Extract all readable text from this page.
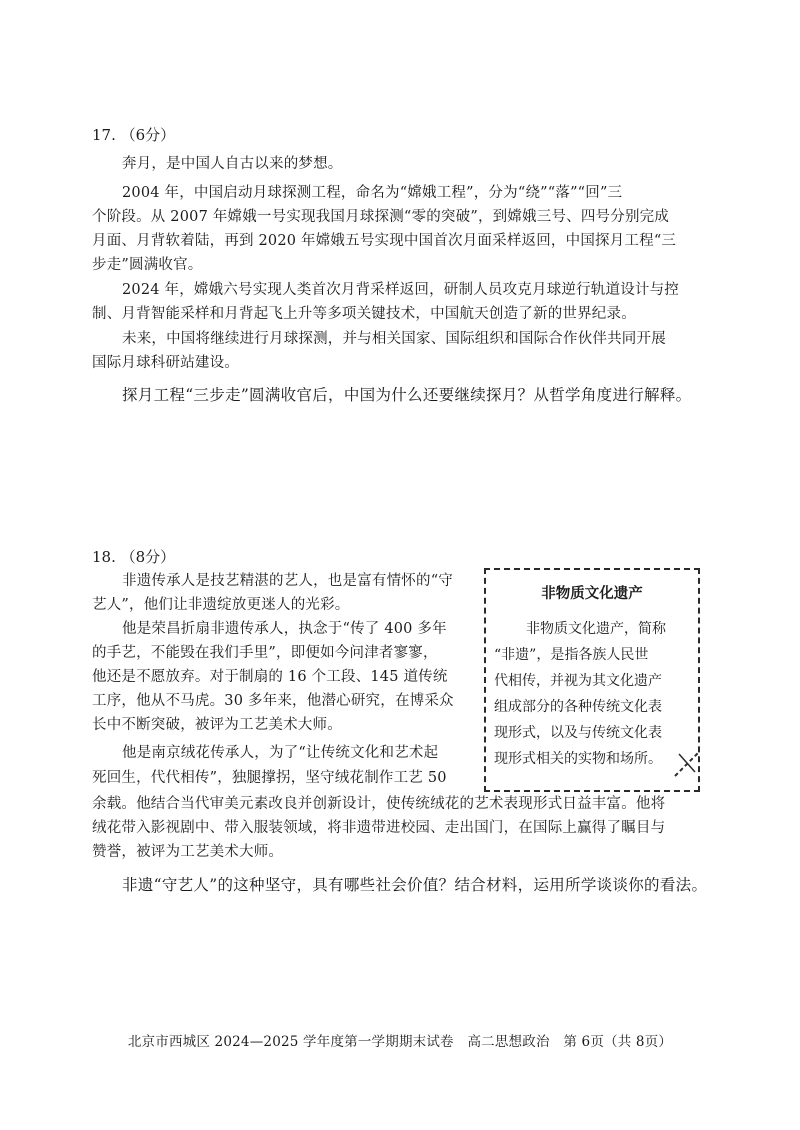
17. （6分）
奔月，是中国人自古以来的梦想。
2004 年，中国启动月球探测工程，命名为“嫦娥工程”，分为“绕”“落”“回”三
个阶段。从 2007 年嫦娥一号实现我国月球探测“零的突破”，到嫦娥三号、四号分别完成
月面、月背软着陆，再到 2020 年嫦娥五号实现中国首次月面采样返回，中国探月工程“三
步走”圆满收官。
2024 年，嫦娥六号实现人类首次月背采样返回，研制人员攻克月球逆行轨道设计与控
制、月背智能采样和月背起飞上升等多项关键技术，中国航天创造了新的世界纪录。
未来，中国将继续进行月球探测，并与相关国家、国际组织和国际合作伙伴共同开展
国际月球科研站建设。
探月工程“三步走”圆满收官后，中国为什么还要继续探月？从哲学角度进行解释。
18. （8分）
非遗传承人是技艺精湛的艺人，也是富有情怀的“守
艺人”，他们让非遗绽放更迷人的光彩。
他是荣昌折扇非遗传承人，执念于“传了 400 多年
的手艺，不能毁在我们手里”，即便如今问津者寥寥，
他还是不愿放弃。对于制扇的 16 个工段、145 道传统
工序，他从不马虎。30 多年来，他潜心研究，在博采众
长中不断突破，被评为工艺美术大师。
他是南京绒花传承人，为了“让传统文化和艺术起
死回生，代代相传”，独腿撑拐，坚守绒花制作工艺 50
余载。他结合当代审美元素改良并创新设计，使传统绒花的艺术表现形式日益丰富。他将
绒花带入影视剧中、带入服装领域，将非遗带进校园、走出国门，在国际上赢得了瞩目与
赞誉，被评为工艺美术大师。
非遗“守艺人”的这种坚守，具有哪些社会价值？结合材料，运用所学谈谈你的看法。
非物质文化遗产
非物质文化遗产，简称
“非遗”，是指各族人民世
代相传，并视为其文化遗产
组成部分的各种传统文化表
现形式，以及与传统文化表
现形式相关的实物和场所。
北京市西城区 2024—2025 学年度第一学期期末试卷　高二思想政治　第 6页（共 8页）
